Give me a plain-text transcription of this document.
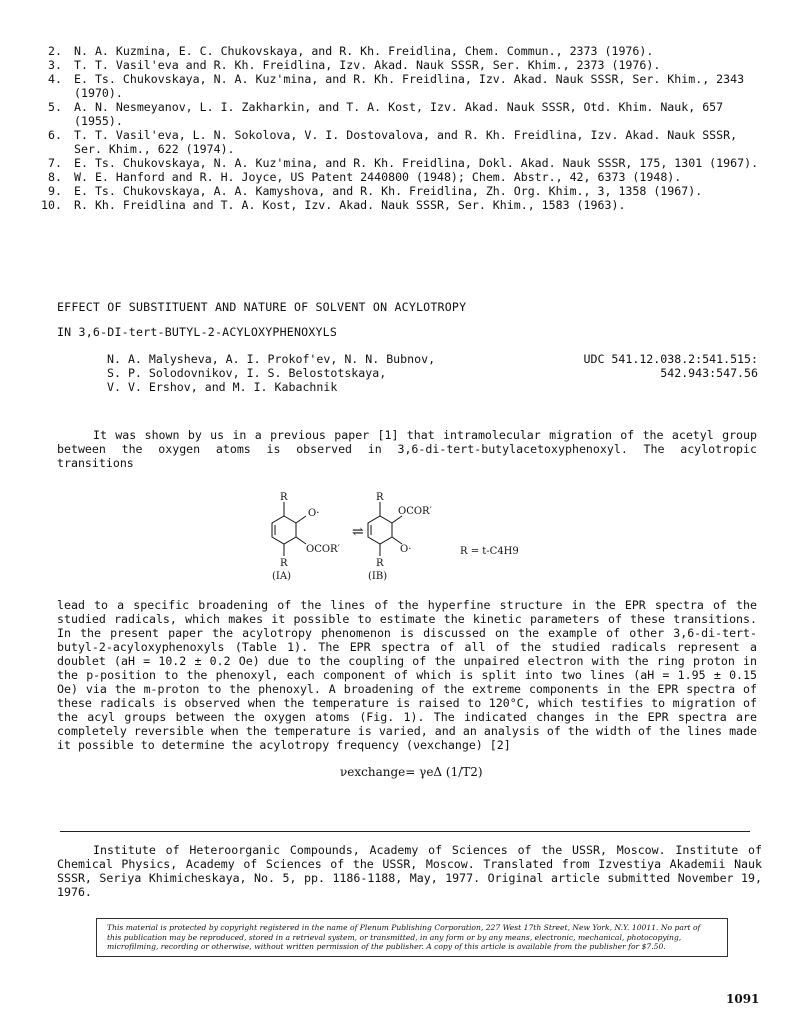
2.	N. A. Kuzmina, E. C. Chukovskaya, and R. Kh. Freidlina, Chem. Commun., 2373 (1976).
3.	T. T. Vasil'eva and R. Kh. Freidlina, Izv. Akad. Nauk SSSR, Ser. Khim., 2373 (1976).
4.	E. Ts. Chukovskaya, N. A. Kuz'mina, and R. Kh. Freidlina, Izv. Akad. Nauk SSSR, Ser. Khim., 2343 (1970).
5.	A. N. Nesmeyanov, L. I. Zakharkin, and T. A. Kost, Izv. Akad. Nauk SSSR, Otd. Khim. Nauk, 657 (1955).
6.	T. T. Vasil'eva, L. N. Sokolova, V. I. Dostovalova, and R. Kh. Freidlina, Izv. Akad. Nauk SSSR, Ser. Khim., 622 (1974).
7.	E. Ts. Chukovskaya, N. A. Kuz'mina, and R. Kh. Freidlina, Dokl. Akad. Nauk SSSR, 175, 1301 (1967).
8.	W. E. Hanford and R. H. Joyce, US Patent 2440800 (1948); Chem. Abstr., 42, 6373 (1948).
9.	E. Ts. Chukovskaya, A. A. Kamyshova, and R. Kh. Freidlina, Zh. Org. Khim., 3, 1358 (1967).
10.	R. Kh. Freidlina and T. A. Kost, Izv. Akad. Nauk SSSR, Ser. Khim., 1583 (1963).
EFFECT OF SUBSTITUENT AND NATURE OF SOLVENT ON ACYLOTROPY
IN 3,6-DI-tert-BUTYL-2-ACYLOXYPHENOXYLS
N. A. Malysheva, A. I. Prokof'ev, N. N. Bubnov,
S. P. Solodovnikov, I. S. Belostotskaya,
V. V. Ershov, and M. I. Kabachnik
UDC 541.12.038.2:541.515:
542.943:547.56
It was shown by us in a previous paper [1] that intramolecular migration of the acetyl group between the oxygen atoms is observed in 3,6-di-tert-butylacetoxyphenoxyl. The acylotropic transitions
R
O·
OCOR′
R
(IA)
⇌
R
OCOR′
O·
R
(IB)
R = t-C4H9
lead to a specific broadening of the lines of the hyperfine structure in the EPR spectra of the studied radicals, which makes it possible to estimate the kinetic parameters of these transitions. In the present paper the acylotropy phenomenon is discussed on the example of other 3,6-di-tert-butyl-2-acyloxyphenoxyls (Table 1). The EPR spectra of all of the studied radicals represent a doublet (aH = 10.2 ± 0.2 Oe) due to the coupling of the unpaired electron with the ring proton in the p-position to the phenoxyl, each component of which is split into two lines (aH = 1.95 ± 0.15 Oe) via the m-proton to the phenoxyl. A broadening of the extreme components in the EPR spectra of these radicals is observed when the temperature is raised to 120°C, which testifies to migration of the acyl groups between the oxygen atoms (Fig. 1). The indicated changes in the EPR spectra are completely reversible when the temperature is varied, and an analysis of the width of the lines made it possible to determine the acylotropy frequency (νexchange) [2]
νexchange= γeΔ (1/T2)
Institute of Heteroorganic Compounds, Academy of Sciences of the USSR, Moscow. Institute of Chemical Physics, Academy of Sciences of the USSR, Moscow. Translated from Izvestiya Akademii Nauk SSSR, Seriya Khimicheskaya, No. 5, pp. 1186-1188, May, 1977. Original article submitted November 19, 1976.
This material is protected by copyright registered in the name of Plenum Publishing Corporation, 227 West 17th Street, New York, N.Y. 10011. No part of this publication may be reproduced, stored in a retrieval system, or transmitted, in any form or by any means, electronic, mechanical, photocopying, microfilming, recording or otherwise, without written permission of the publisher. A copy of this article is available from the publisher for $7.50.
1091
